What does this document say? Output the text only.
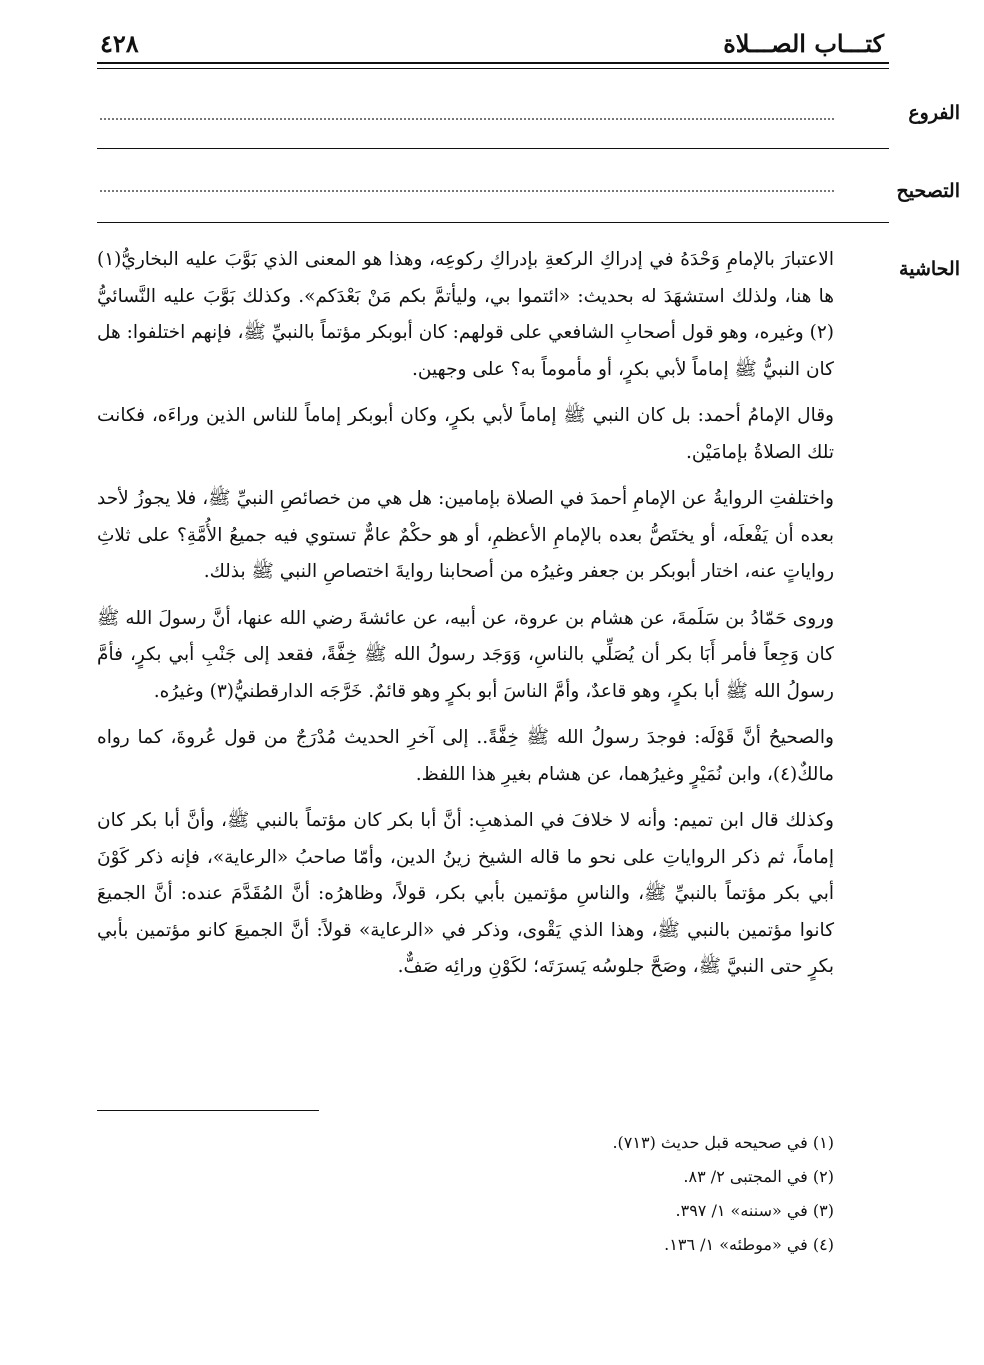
كتـــاب الصـــلاة
٤٢٨
الفروع
التصحيح
الحاشية

الاعتبارَ بالإمامِ وَحْدَهُ في إدراكِ الركعةِ بإدراكِ ركوعِه، وهذا هو المعنى الذي بَوَّبَ عليه البخاريُّ(١) ها هنا، ولذلك استشهَدَ له بحديث: «ائتموا بي، وليأتمَّ بكم مَنْ بَعْدَكم». وكذلك بَوَّبَ عليه النَّسائيُّ (٢) وغيره، وهو قول أصحابِ الشافعي على قولهم: كان أبوبكر مؤتماً بالنبيِّ ﷺ، فإنهم اختلفوا: هل كان النبيُّ ﷺ إماماً لأبي بكرٍ، أو مأموماً به؟ على وجهين.

وقال الإمامُ أحمد: بل كان النبي ﷺ إماماً لأبي بكرٍ، وكان أبوبكر إماماً للناس الذين وراءَه، فكانت تلك الصلاةُ بإمامَيْن.

واختلفتِ الروايةُ عن الإمامِ أحمدَ في الصلاة بإمامين: هل هي من خصائصِ النبيِّ ﷺ، فلا يجوزُ لأحد بعده أن يَفْعلَه، أو يختَصُّ بعده بالإمامِ الأعظمِ، أو هو حكْمٌ عامٌّ تستوي فيه جميعُ الأُمَّةِ؟ على ثلاثِ رواياتٍ عنه، اختار أبوبكر بن جعفر وغيرُه من أصحابنا روايةَ اختصاصِ النبي ﷺ بذلك.

وروى حَمّادُ بن سَلَمةَ، عن هشام بن عروة، عن أبيه، عن عائشةَ رضي الله عنها، أنَّ رسولَ الله ﷺ كان وَجِعاً فأمر أَبَا بكر أن يُصَلِّي بالناسِ، وَوَجَد رسولُ الله ﷺ خِفَّةً، فقعد إلى جَنْبِ أبي بكرٍ، فأمَّ رسولُ الله ﷺ أبا بكرٍ، وهو قاعدٌ، وأمَّ الناسَ أبو بكرٍ وهو قائمٌ. خَرَّجَه الدارقطنيُّ(٣) وغيرُه.

والصحيحُ أنَّ قَوْلَه: فوجدَ رسولُ الله ﷺ خِفَّةً.. إلى آخرِ الحديث مُدْرَجٌ من قول عُروةَ، كما رواه مالكٌ(٤)، وابن نُمَيْرٍ وغيرُهما، عن هشام بغيرِ هذا اللفظ.

وكذلك قال ابن تميم: وأنه لا خلافَ في المذهبِ: أنَّ أبا بكر كان مؤتماً بالنبي ﷺ، وأنَّ أبا بكر كان إماماً، ثم ذكر الرواياتِ على نحو ما قاله الشيخ زينُ الدين، وأمّا صاحبُ «الرعاية»، فإنه ذكر كَوْنَ أبي بكر مؤتماً بالنبيِّ ﷺ، والناسِ مؤتمين بأبي بكر، قولاً، وظاهرُه: أنَّ المُقَدَّمَ عنده: أنَّ الجميعَ كانوا مؤتمين بالنبي ﷺ، وهذا الذي يَقْوى، وذكر في «الرعاية» قولاً: أنَّ الجميعَ كانو مؤتمين بأبي بكرٍ حتى النبيَّ ﷺ، وصَحَّ جلوسُه يَسرَتَه؛ لكَوْنِ ورائِه صَفٌّ.

(١) في صحيحه قبل حديث (٧١٣).
(٢) في المجتبى ٢/ ٨٣.
(٣) في «سننه» ١/ ٣٩٧.
(٤) في «موطئه» ١/ ١٣٦.
